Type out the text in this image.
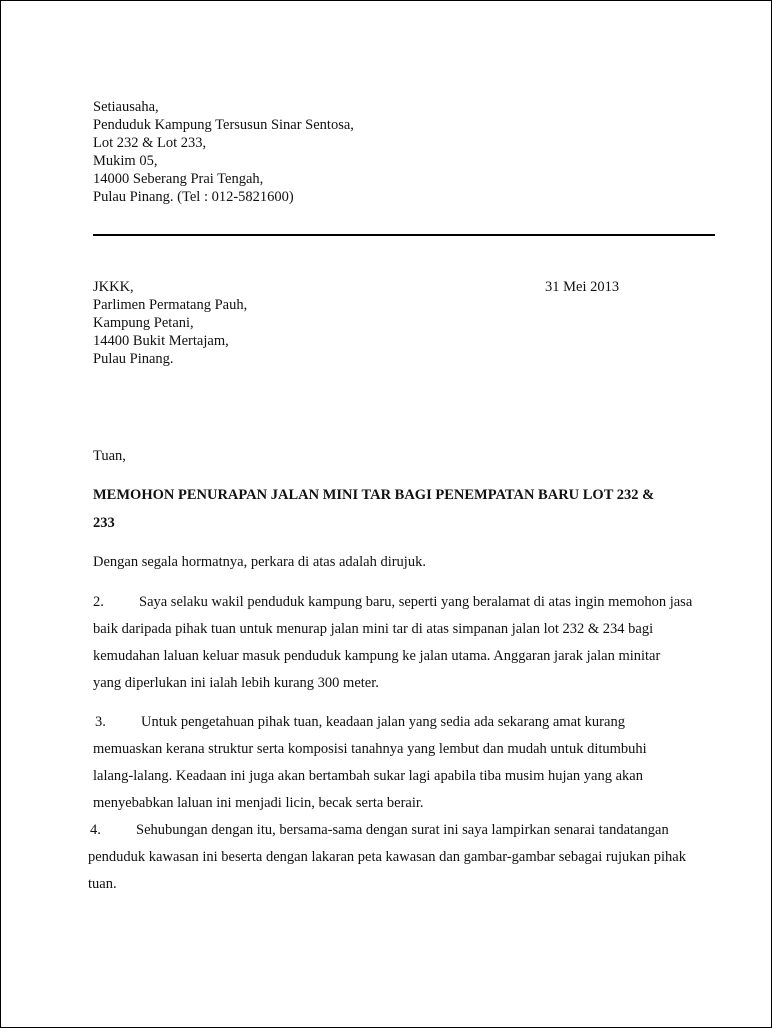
Setiausaha,
Penduduk Kampung Tersusun Sinar Sentosa,
Lot 232 & Lot 233,
Mukim 05,
14000 Seberang Prai Tengah,
Pulau Pinang. (Tel : 012-5821600)
JKKK,
Parlimen Permatang Pauh,
Kampung Petani,
14400 Bukit Mertajam,
Pulau Pinang.
31 Mei 2013
Tuan,
MEMOHON PENURAPAN JALAN MINI TAR BAGI PENEMPATAN BARU LOT 232 &
233
Dengan segala hormatnya, perkara di atas adalah dirujuk.
2. Saya selaku wakil penduduk kampung baru, seperti yang beralamat di atas ingin memohon jasa
baik daripada pihak tuan untuk menurap jalan mini tar di atas simpanan jalan lot 232 & 234 bagi
kemudahan laluan keluar masuk penduduk kampung ke jalan utama. Anggaran jarak jalan minitar
yang diperlukan ini ialah lebih kurang 300 meter.
3. Untuk pengetahuan pihak tuan, keadaan jalan yang sedia ada sekarang amat kurang
memuaskan kerana struktur serta komposisi tanahnya yang lembut dan mudah untuk ditumbuhi
lalang-lalang. Keadaan ini juga akan bertambah sukar lagi apabila tiba musim hujan yang akan
menyebabkan laluan ini menjadi licin, becak serta berair.
4. Sehubungan dengan itu, bersama-sama dengan surat ini saya lampirkan senarai tandatangan
penduduk kawasan ini beserta dengan lakaran peta kawasan dan gambar-gambar sebagai rujukan pihak
tuan.
